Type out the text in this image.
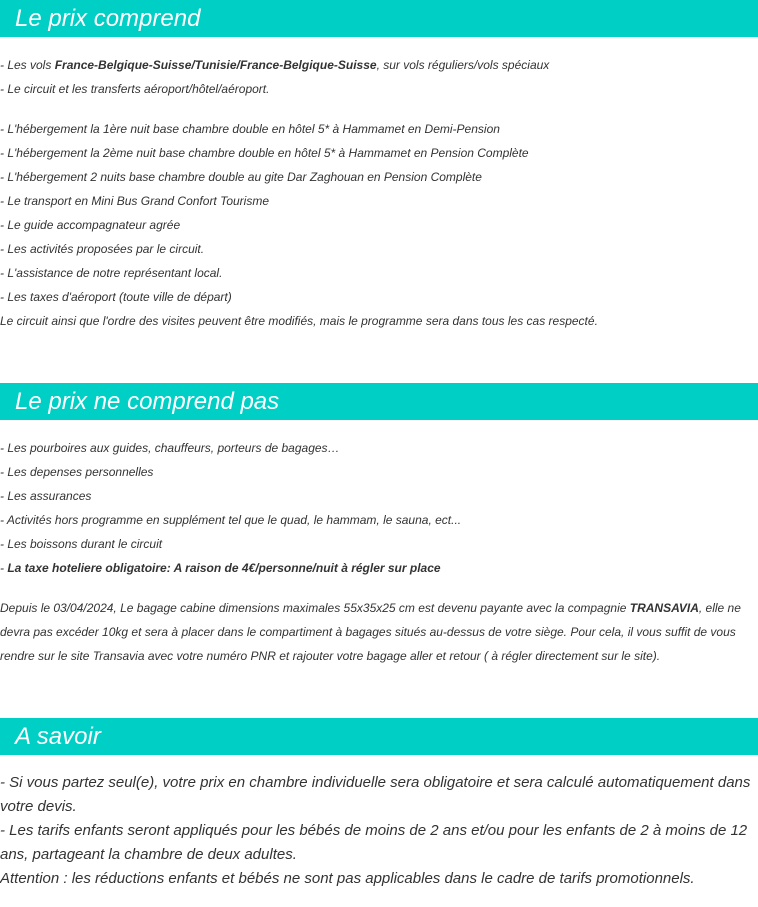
Le prix comprend

- Les vols France-Belgique-Suisse/Tunisie/France-Belgique-Suisse, sur vols réguliers/vols spéciaux

- Le circuit et les transferts aéroport/hôtel/aéroport.

- L'hébergement la 1ère nuit base chambre double en hôtel 5* à Hammamet en Demi-Pension

- L'hébergement la 2ème nuit base chambre double en hôtel 5* à Hammamet en Pension Complète

- L'hébergement 2 nuits base chambre double au gite Dar Zaghouan en Pension Complète

- Le transport en Mini Bus Grand Confort Tourisme

- Le guide accompagnateur agrée

- Les activités proposées par le circuit.

- L'assistance de notre représentant local.

- Les taxes d'aéroport (toute ville de départ)

Le circuit ainsi que l'ordre des visites peuvent être modifiés, mais le programme sera dans tous les cas respecté.

Le prix ne comprend pas

- Les pourboires aux guides, chauffeurs, porteurs de bagages…

- Les depenses personnelles

- Les assurances

- Activités hors programme en supplément tel que le quad, le hammam, le sauna, ect...

- Les boissons durant le circuit

- La taxe hoteliere obligatoire: A raison de 4€/personne/nuit à régler sur place

Depuis le 03/04/2024, Le bagage cabine dimensions maximales 55x35x25 cm est devenu payante avec la compagnie TRANSAVIA, elle ne devra pas excéder 10kg et sera à placer dans le compartiment à bagages situés au-dessus de votre siège. Pour cela, il vous suffit de vous rendre sur le site Transavia avec votre numéro PNR et rajouter votre bagage aller et retour ( à régler directement sur le site).

A savoir

- Si vous partez seul(e), votre prix en chambre individuelle sera obligatoire et sera calculé automatiquement dans votre devis.

- Les tarifs enfants seront appliqués pour les bébés de moins de 2 ans et/ou pour les enfants de 2 à moins de 12 ans, partageant la chambre de deux adultes.

Attention : les réductions enfants et bébés ne sont pas applicables dans le cadre de tarifs promotionnels.
